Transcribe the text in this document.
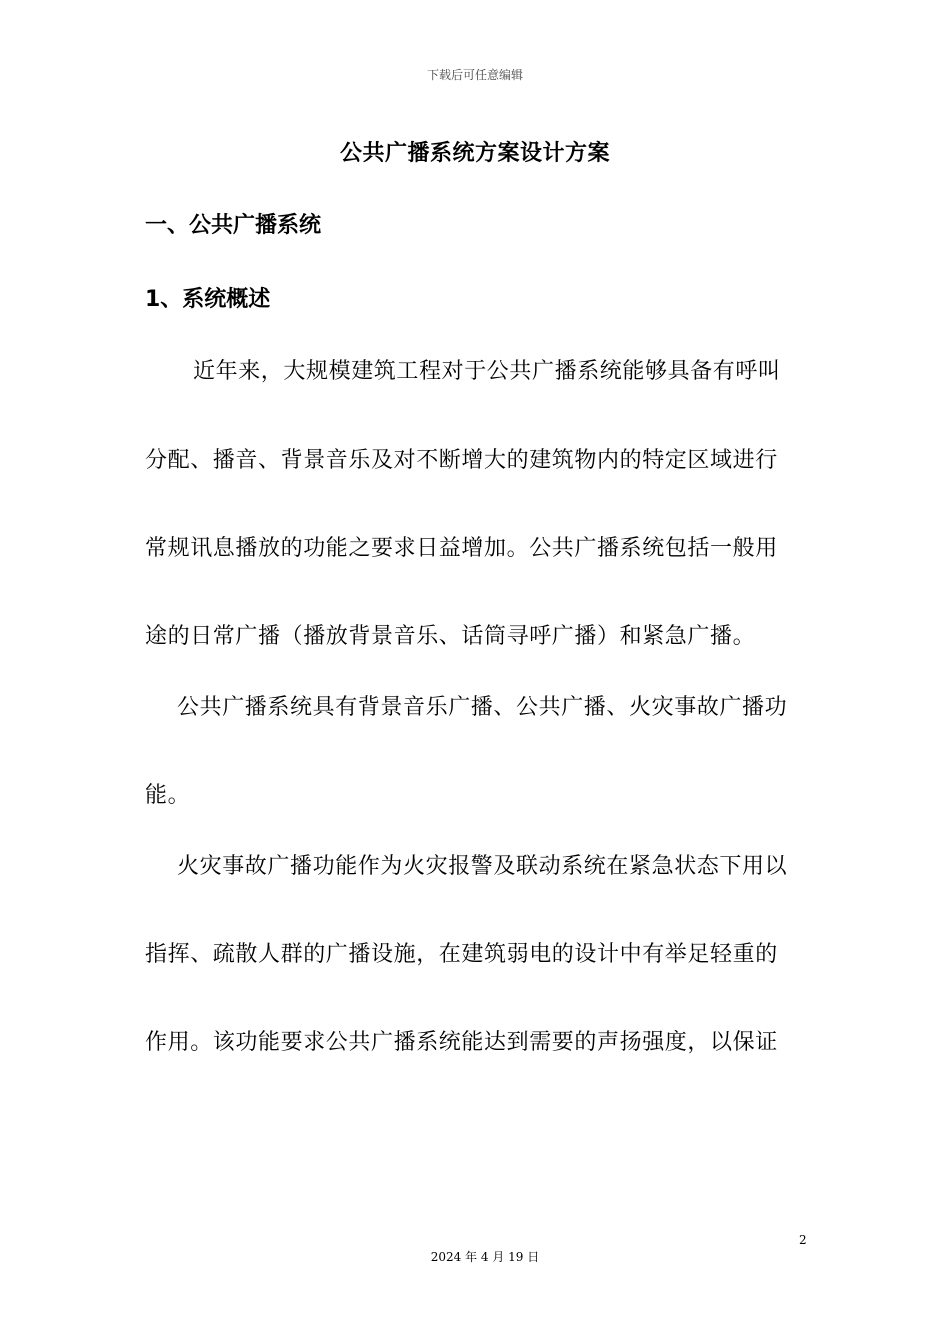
下载后可任意编辑
公共广播系统方案设计方案
一、公共广播系统
1、系统概述
近年来，大规模建筑工程对于公共广播系统能够具备有呼叫
分配、播音、背景音乐及对不断增大的建筑物内的特定区域进行
常规讯息播放的功能之要求日益增加。公共广播系统包括一般用
途的日常广播（播放背景音乐、话筒寻呼广播）和紧急广播。
公共广播系统具有背景音乐广播、公共广播、火灾事故广播功
能。
火灾事故广播功能作为火灾报警及联动系统在紧急状态下用以
指挥、疏散人群的广播设施，在建筑弱电的设计中有举足轻重的
作用。该功能要求公共广播系统能达到需要的声扬强度，以保证
2
2024 年 4 月 19 日
